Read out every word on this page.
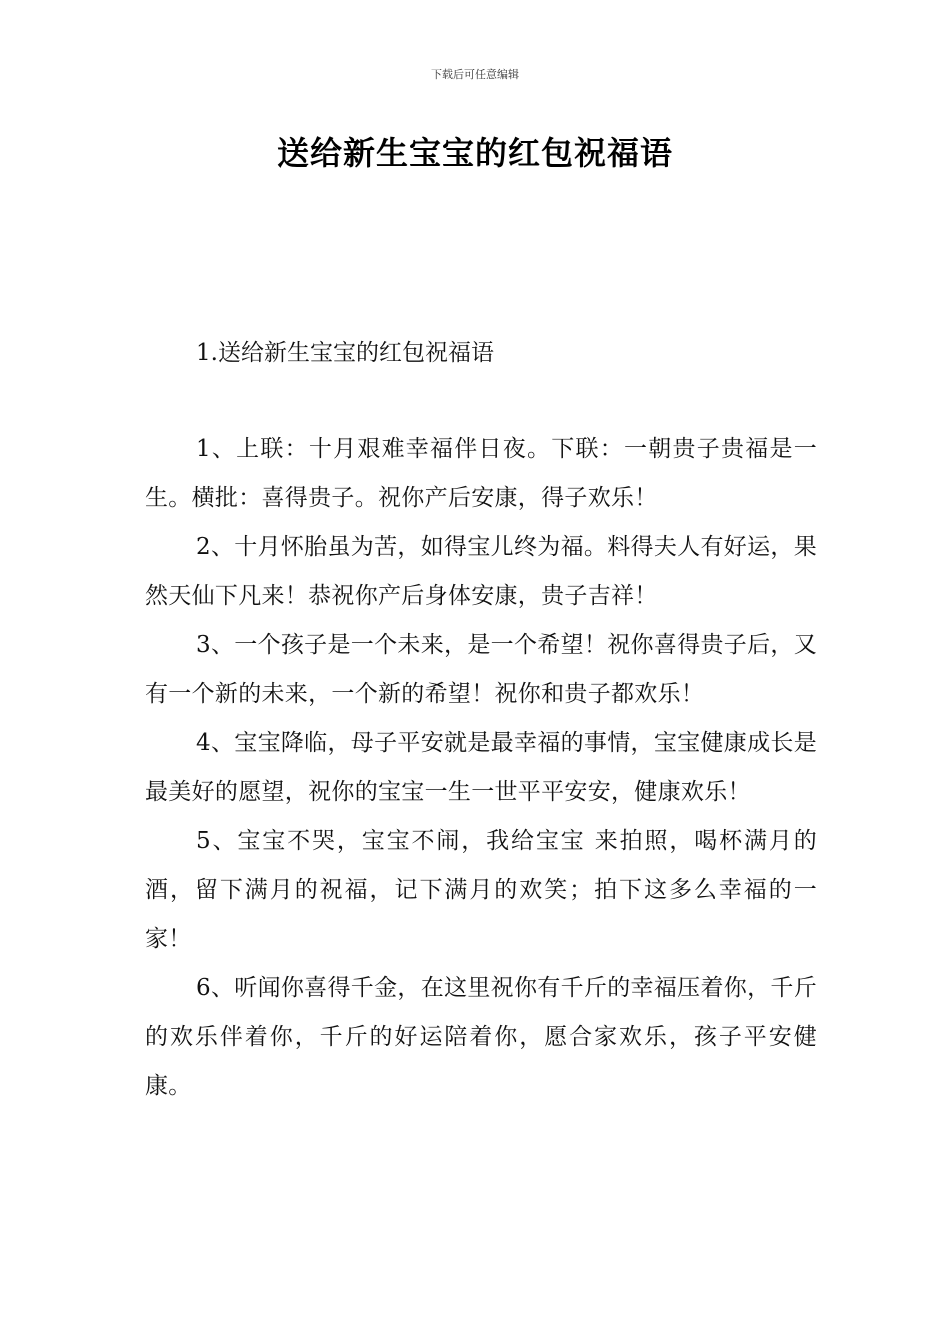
下载后可任意编辑
送给新生宝宝的红包祝福语
1.送给新生宝宝的红包祝福语

1、上联：十月艰难幸福伴日夜。下联：一朝贵子贵福是一生。横批：喜得贵子。祝你产后安康，得子欢乐！

2、十月怀胎虽为苦，如得宝儿终为福。料得夫人有好运，果然天仙下凡来！恭祝你产后身体安康，贵子吉祥！

3、一个孩子是一个未来，是一个希望！祝你喜得贵子后，又有一个新的未来，一个新的希望！祝你和贵子都欢乐！

4、宝宝降临，母子平安就是最幸福的事情，宝宝健康成长是最美好的愿望，祝你的宝宝一生一世平平安安，健康欢乐！

5、宝宝不哭，宝宝不闹，我给宝宝 来拍照，喝杯满月的酒，留下满月的祝福，记下满月的欢笑；拍下这多么幸福的一家！

6、听闻你喜得千金，在这里祝你有千斤的幸福压着你，千斤的欢乐伴着你，千斤的好运陪着你，愿合家欢乐，孩子平安健康。
